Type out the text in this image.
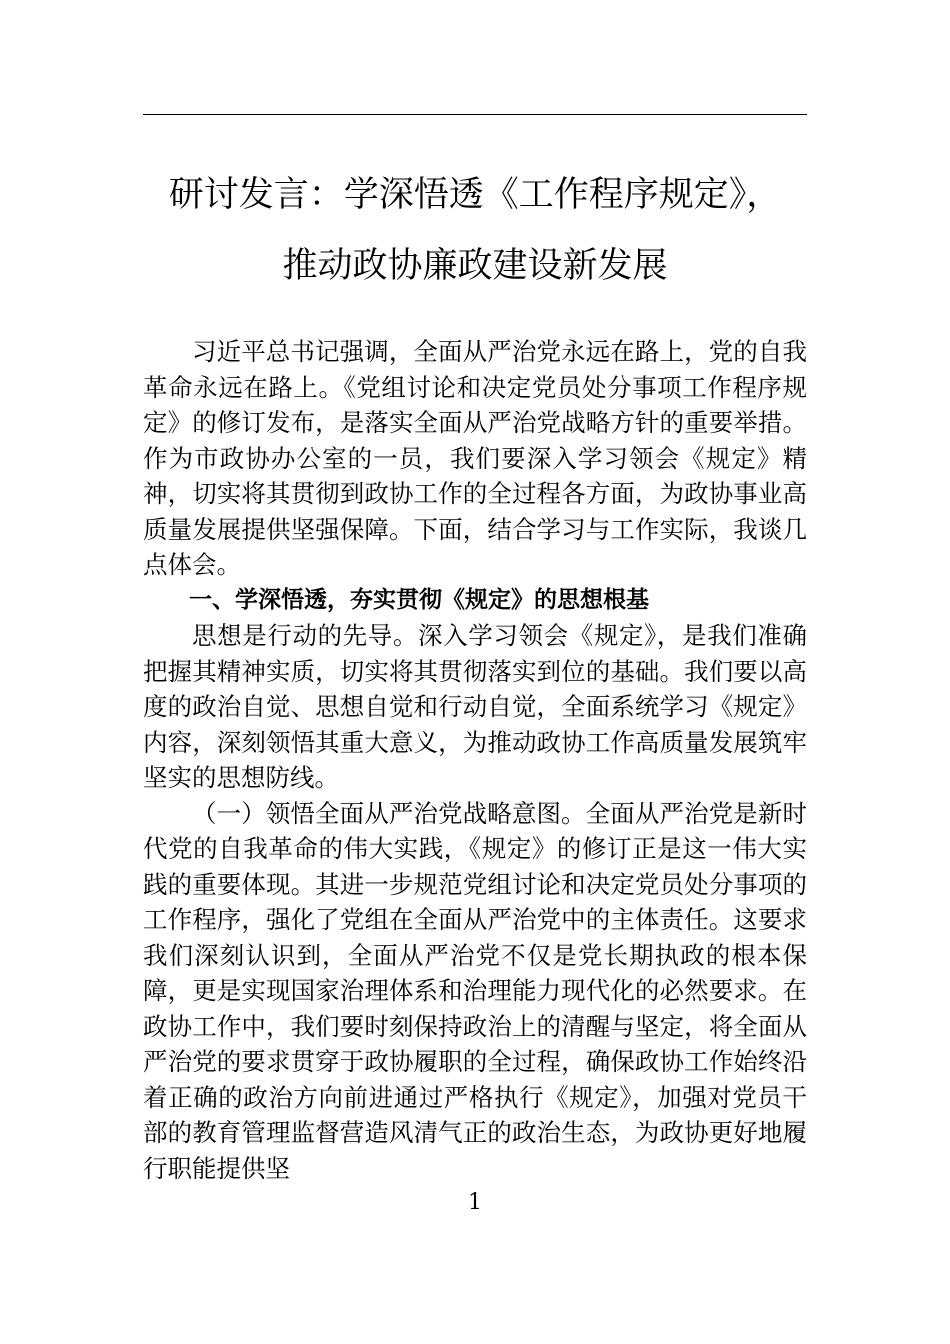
研讨发言：学深悟透《工作程序规定》，
推动政协廉政建设新发展

习近平总书记强调，全面从严治党永远在路上，党的自我革命永远在路上。《党组讨论和决定党员处分事项工作程序规定》的修订发布，是落实全面从严治党战略方针的重要举措。作为市政协办公室的一员，我们要深入学习领会《规定》精神，切实将其贯彻到政协工作的全过程各方面，为政协事业高质量发展提供坚强保障。下面，结合学习与工作实际，我谈几点体会。

一、学深悟透，夯实贯彻《规定》的思想根基

思想是行动的先导。深入学习领会《规定》，是我们准确把握其精神实质，切实将其贯彻落实到位的基础。我们要以高度的政治自觉、思想自觉和行动自觉，全面系统学习《规定》内容，深刻领悟其重大意义，为推动政协工作高质量发展筑牢坚实的思想防线。

（一）领悟全面从严治党战略意图。全面从严治党是新时代党的自我革命的伟大实践，《规定》的修订正是这一伟大实践的重要体现。其进一步规范党组讨论和决定党员处分事项的工作程序，强化了党组在全面从严治党中的主体责任。这要求我们深刻认识到，全面从严治党不仅是党长期执政的根本保障，更是实现国家治理体系和治理能力现代化的必然要求。在政协工作中，我们要时刻保持政治上的清醒与坚定，将全面从严治党的要求贯穿于政协履职的全过程，确保政协工作始终沿着正确的政治方向前进通过严格执行《规定》，加强对党员干部的教育管理监督营造风清气正的政治生态，为政协更好地履行职能提供坚

1
